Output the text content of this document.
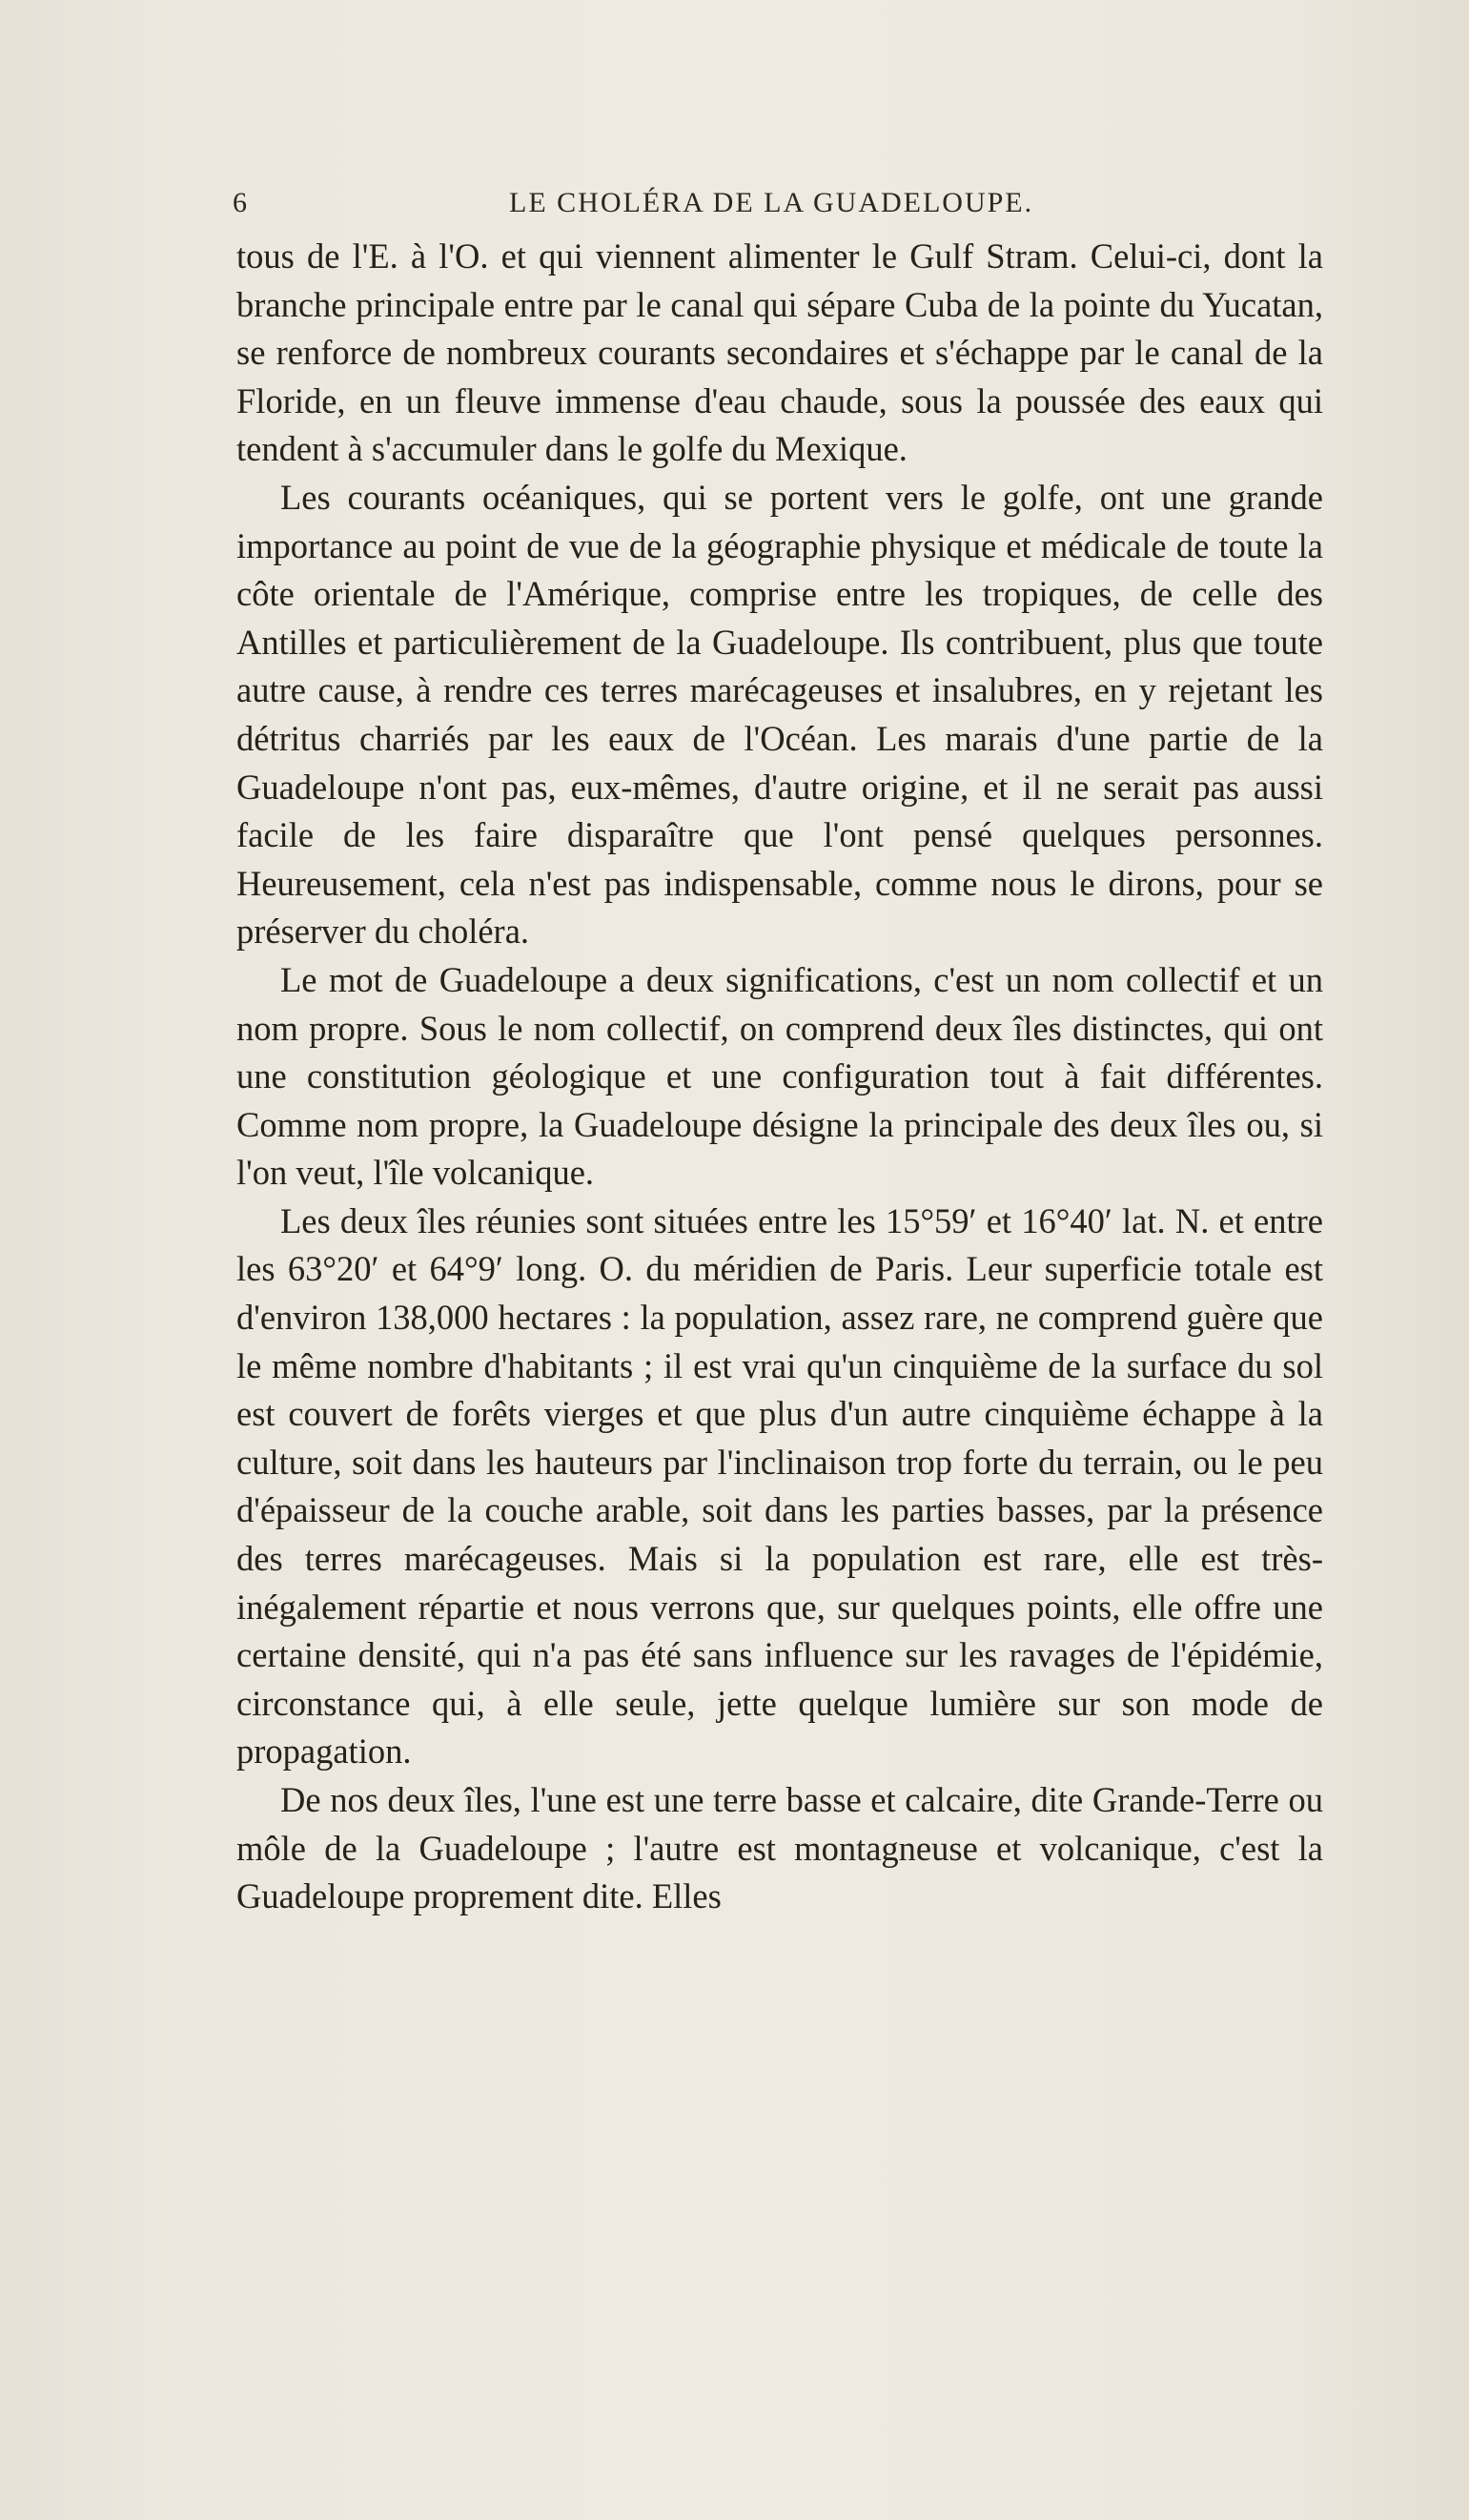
6	LE CHOLÉRA DE LA GUADELOUPE.

tous de l'E. à l'O. et qui viennent alimenter le Gulf Stram. Celui-ci, dont la branche principale entre par le canal qui sépare Cuba de la pointe du Yucatan, se renforce de nombreux courants secondaires et s'échappe par le canal de la Floride, en un fleuve immense d'eau chaude, sous la poussée des eaux qui tendent à s'accumuler dans le golfe du Mexique.

Les courants océaniques, qui se portent vers le golfe, ont une grande importance au point de vue de la géographie physique et médicale de toute la côte orientale de l'Amérique, comprise entre les tropiques, de celle des Antilles et particulièrement de la Guadeloupe. Ils contribuent, plus que toute autre cause, à rendre ces terres marécageuses et insalubres, en y rejetant les détritus charriés par les eaux de l'Océan. Les marais d'une partie de la Guadeloupe n'ont pas, eux-mêmes, d'autre origine, et il ne serait pas aussi facile de les faire disparaître que l'ont pensé quelques personnes. Heureusement, cela n'est pas indispensable, comme nous le dirons, pour se préserver du choléra.

Le mot de Guadeloupe a deux significations, c'est un nom collectif et un nom propre. Sous le nom collectif, on comprend deux îles distinctes, qui ont une constitution géologique et une configuration tout à fait différentes. Comme nom propre, la Guadeloupe désigne la principale des deux îles ou, si l'on veut, l'île volcanique.

Les deux îles réunies sont situées entre les 15°59′ et 16°40′ lat. N. et entre les 63°20′ et 64°9′ long. O. du méridien de Paris. Leur superficie totale est d'environ 138,000 hectares : la population, assez rare, ne comprend guère que le même nombre d'habitants ; il est vrai qu'un cinquième de la surface du sol est couvert de forêts vierges et que plus d'un autre cinquième échappe à la culture, soit dans les hauteurs par l'inclinaison trop forte du terrain, ou le peu d'épaisseur de la couche arable, soit dans les parties basses, par la présence des terres marécageuses. Mais si la population est rare, elle est très-inégalement répartie et nous verrons que, sur quelques points, elle offre une certaine densité, qui n'a pas été sans influence sur les ravages de l'épidémie, circonstance qui, à elle seule, jette quelque lumière sur son mode de propagation.

De nos deux îles, l'une est une terre basse et calcaire, dite Grande-Terre ou môle de la Guadeloupe ; l'autre est montagneuse et volcanique, c'est la Guadeloupe proprement dite. Elles
